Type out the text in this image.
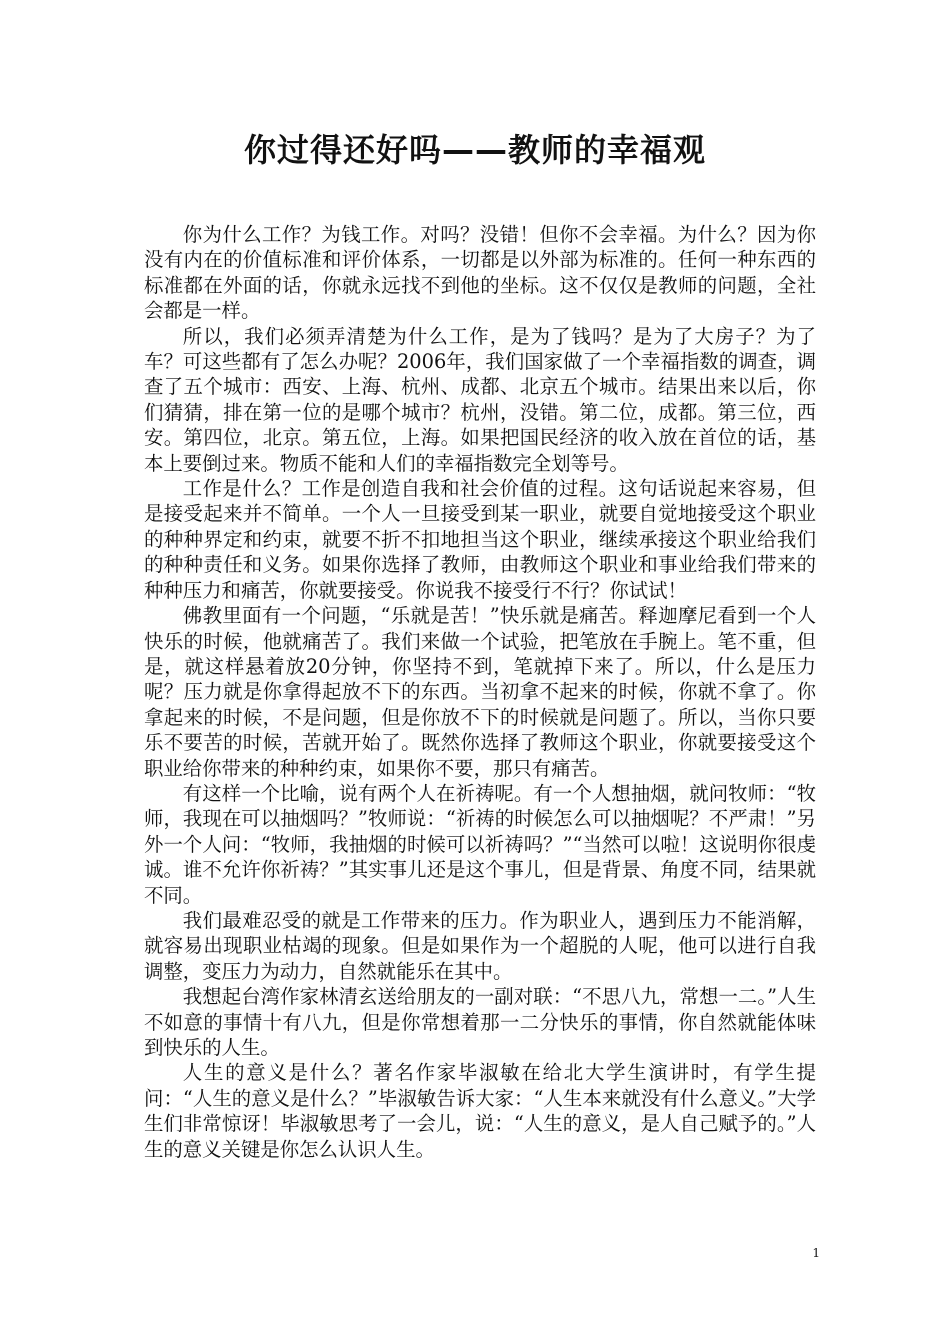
你过得还好吗——教师的幸福观

你为什么工作？为钱工作。对吗？没错！但你不会幸福。为什么？因为你没有内在的价值标准和评价体系，一切都是以外部为标准的。任何一种东西的标准都在外面的话，你就永远找不到他的坐标。这不仅仅是教师的问题，全社会都是一样。

所以，我们必须弄清楚为什么工作，是为了钱吗？是为了大房子？为了车？可这些都有了怎么办呢？2006年，我们国家做了一个幸福指数的调查，调查了五个城市：西安、上海、杭州、成都、北京五个城市。结果出来以后，你们猜猜，排在第一位的是哪个城市？杭州，没错。第二位，成都。第三位，西安。第四位，北京。第五位，上海。如果把国民经济的收入放在首位的话，基本上要倒过来。物质不能和人们的幸福指数完全划等号。

工作是什么？工作是创造自我和社会价值的过程。这句话说起来容易，但是接受起来并不简单。一个人一旦接受到某一职业，就要自觉地接受这个职业的种种界定和约束，就要不折不扣地担当这个职业，继续承接这个职业给我们的种种责任和义务。如果你选择了教师，由教师这个职业和事业给我们带来的种种压力和痛苦，你就要接受。你说我不接受行不行？你试试！

佛教里面有一个问题，“乐就是苦！”快乐就是痛苦。释迦摩尼看到一个人快乐的时候，他就痛苦了。我们来做一个试验，把笔放在手腕上。笔不重，但是，就这样悬着放20分钟，你坚持不到，笔就掉下来了。所以，什么是压力呢？压力就是你拿得起放不下的东西。当初拿不起来的时候，你就不拿了。你拿起来的时候，不是问题，但是你放不下的时候就是问题了。所以，当你只要乐不要苦的时候，苦就开始了。既然你选择了教师这个职业，你就要接受这个职业给你带来的种种约束，如果你不要，那只有痛苦。

有这样一个比喻，说有两个人在祈祷呢。有一个人想抽烟，就问牧师：“牧师，我现在可以抽烟吗？”牧师说：“祈祷的时候怎么可以抽烟呢？不严肃！”另外一个人问：“牧师，我抽烟的时候可以祈祷吗？”“当然可以啦！这说明你很虔诚。谁不允许你祈祷？”其实事儿还是这个事儿，但是背景、角度不同，结果就不同。

我们最难忍受的就是工作带来的压力。作为职业人，遇到压力不能消解，就容易出现职业枯竭的现象。但是如果作为一个超脱的人呢，他可以进行自我调整，变压力为动力，自然就能乐在其中。

我想起台湾作家林清玄送给朋友的一副对联：“不思八九，常想一二。”人生不如意的事情十有八九，但是你常想着那一二分快乐的事情，你自然就能体味到快乐的人生。

人生的意义是什么？著名作家毕淑敏在给北大学生演讲时，有学生提问：“人生的意义是什么？”毕淑敏告诉大家：“人生本来就没有什么意义。”大学生们非常惊讶！毕淑敏思考了一会儿，说：“人生的意义，是人自己赋予的。”人生的意义关键是你怎么认识人生。

1
